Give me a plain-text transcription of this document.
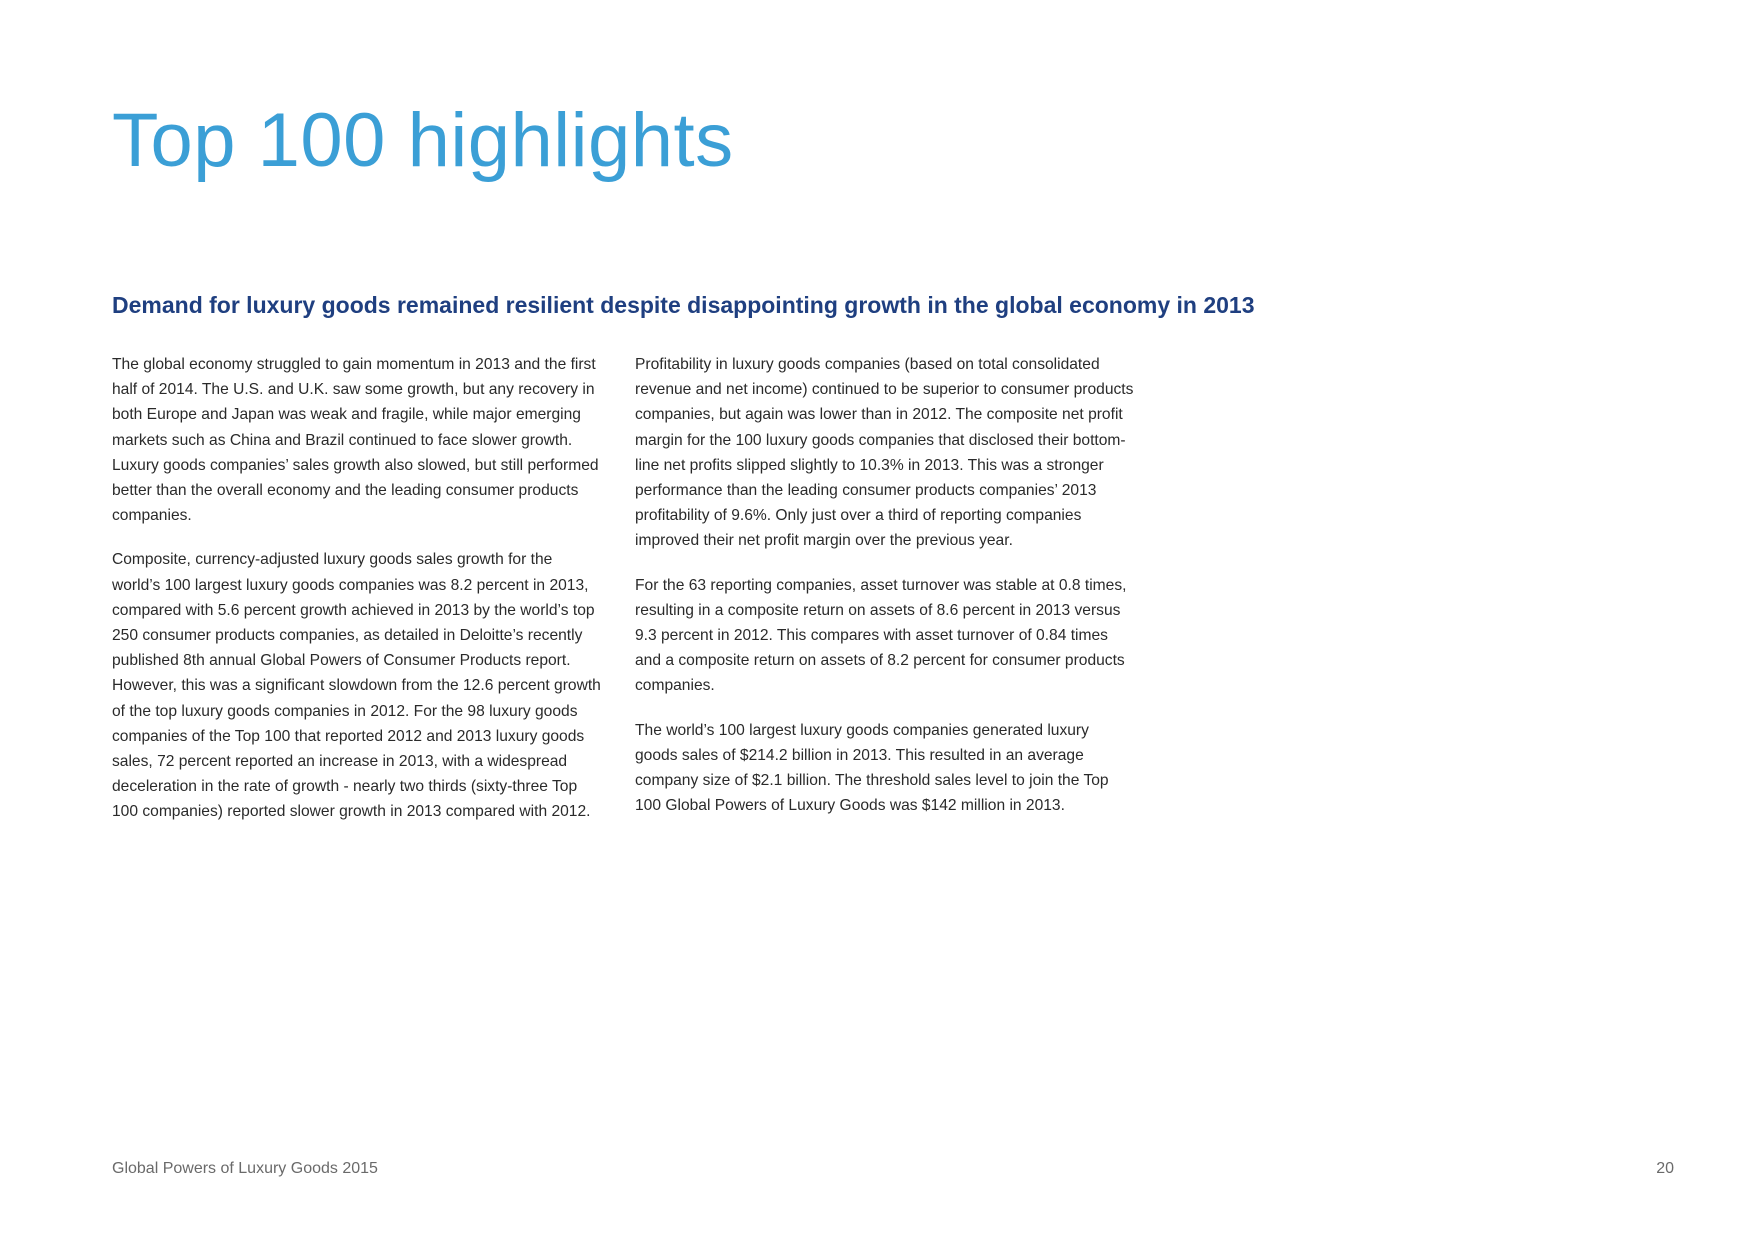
Top 100 highlights
Demand for luxury goods remained resilient despite disappointing growth in the global economy in 2013

The global economy struggled to gain momentum in 2013 and the first half of 2014. The U.S. and U.K. saw some growth, but any recovery in both Europe and Japan was weak and fragile, while major emerging markets such as China and Brazil continued to face slower growth. Luxury goods companies’ sales growth also slowed, but still performed better than the overall economy and the leading consumer products companies.

Composite, currency-adjusted luxury goods sales growth for the world’s 100 largest luxury goods companies was 8.2 percent in 2013, compared with 5.6 percent growth achieved in 2013 by the world’s top 250 consumer products companies, as detailed in Deloitte’s recently published 8th annual Global Powers of Consumer Products report. However, this was a significant slowdown from the 12.6 percent growth of the top luxury goods companies in 2012. For the 98 luxury goods companies of the Top 100 that reported 2012 and 2013 luxury goods sales, 72 percent reported an increase in 2013, with a widespread deceleration in the rate of growth - nearly two thirds (sixty-three Top 100 companies) reported slower growth in 2013 compared with 2012.

Profitability in luxury goods companies (based on total consolidated revenue and net income) continued to be superior to consumer products companies, but again was lower than in 2012. The composite net profit margin for the 100 luxury goods companies that disclosed their bottom-line net profits slipped slightly to 10.3% in 2013. This was a stronger performance than the leading consumer products companies’ 2013 profitability of 9.6%. Only just over a third of reporting companies improved their net profit margin over the previous year.

For the 63 reporting companies, asset turnover was stable at 0.8 times, resulting in a composite return on assets of 8.6 percent in 2013 versus 9.3 percent in 2012. This compares with asset turnover of 0.84 times and a composite return on assets of 8.2 percent for consumer products companies.

The world’s 100 largest luxury goods companies generated luxury goods sales of $214.2 billion in 2013. This resulted in an average company size of $2.1 billion. The threshold sales level to join the Top 100 Global Powers of Luxury Goods was $142 million in 2013.

Global Powers of Luxury Goods 2015	20
